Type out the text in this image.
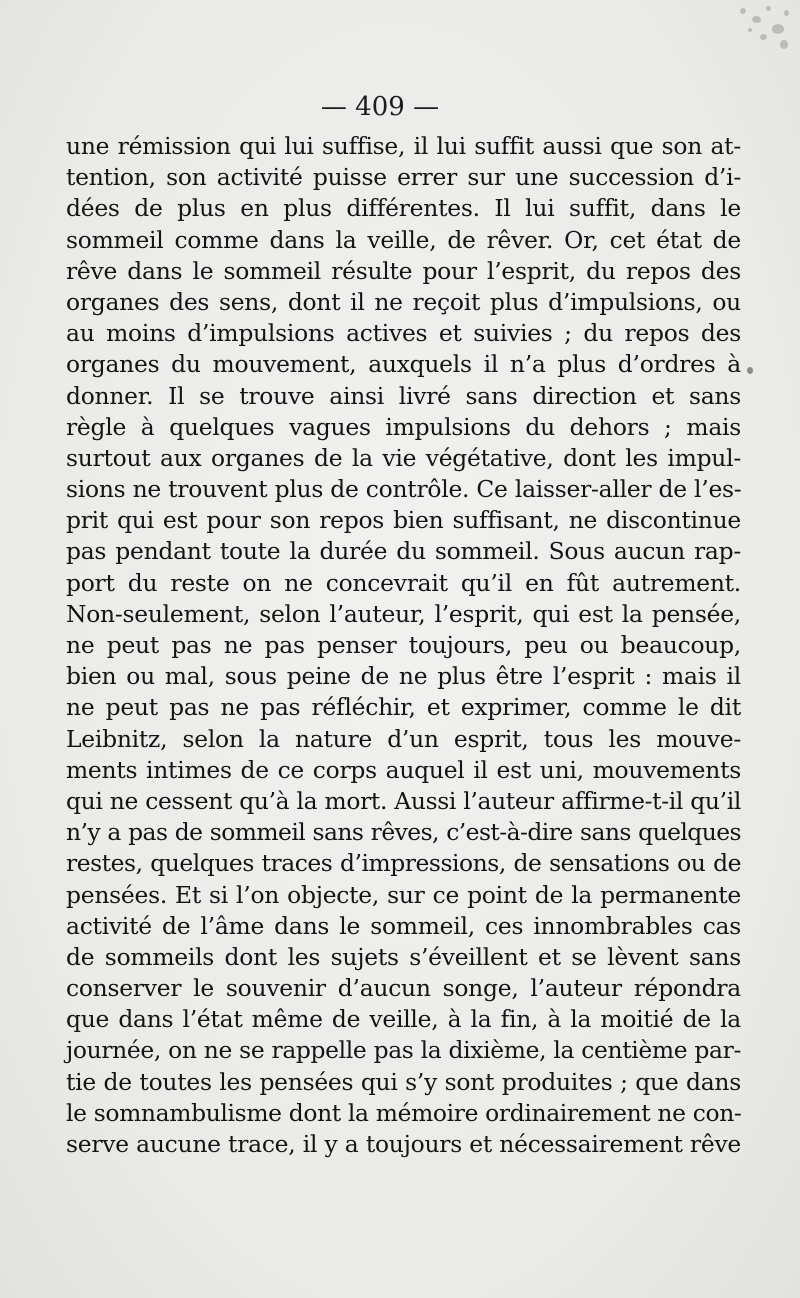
— 409 —

une rémission qui lui suffise, il lui suffit aussi que son at-
tention, son activité puisse errer sur une succession d’i-
dées de plus en plus différentes. Il lui suffit, dans le
sommeil comme dans la veille, de rêver. Or, cet état de
rêve dans le sommeil résulte pour l’esprit, du repos des
organes des sens, dont il ne reçoit plus d’impulsions, ou
au moins d’impulsions actives et suivies ; du repos des
organes du mouvement, auxquels il n’a plus d’ordres à
donner. Il se trouve ainsi livré sans direction et sans
règle à quelques vagues impulsions du dehors ; mais
surtout aux organes de la vie végétative, dont les impul-
sions ne trouvent plus de contrôle. Ce laisser-aller de l’es-
prit qui est pour son repos bien suffisant, ne discontinue
pas pendant toute la durée du sommeil. Sous aucun rap-
port du reste on ne concevrait qu’il en fût autrement.
Non-seulement, selon l’auteur, l’esprit, qui est la pensée,
ne peut pas ne pas penser toujours, peu ou beaucoup,
bien ou mal, sous peine de ne plus être l’esprit : mais il
ne peut pas ne pas réfléchir, et exprimer, comme le dit
Leibnitz, selon la nature d’un esprit, tous les mouve-
ments intimes de ce corps auquel il est uni, mouvements
qui ne cessent qu’à la mort. Aussi l’auteur affirme-t-il qu’il
n’y a pas de sommeil sans rêves, c’est-à-dire sans quelques
restes, quelques traces d’impressions, de sensations ou de
pensées. Et si l’on objecte, sur ce point de la permanente
activité de l’âme dans le sommeil, ces innombrables cas
de sommeils dont les sujets s’éveillent et se lèvent sans
conserver le souvenir d’aucun songe, l’auteur répondra
que dans l’état même de veille, à la fin, à la moitié de la
journée, on ne se rappelle pas la dixième, la centième par-
tie de toutes les pensées qui s’y sont produites ; que dans
le somnambulisme dont la mémoire ordinairement ne con-
serve aucune trace, il y a toujours et nécessairement rêve
